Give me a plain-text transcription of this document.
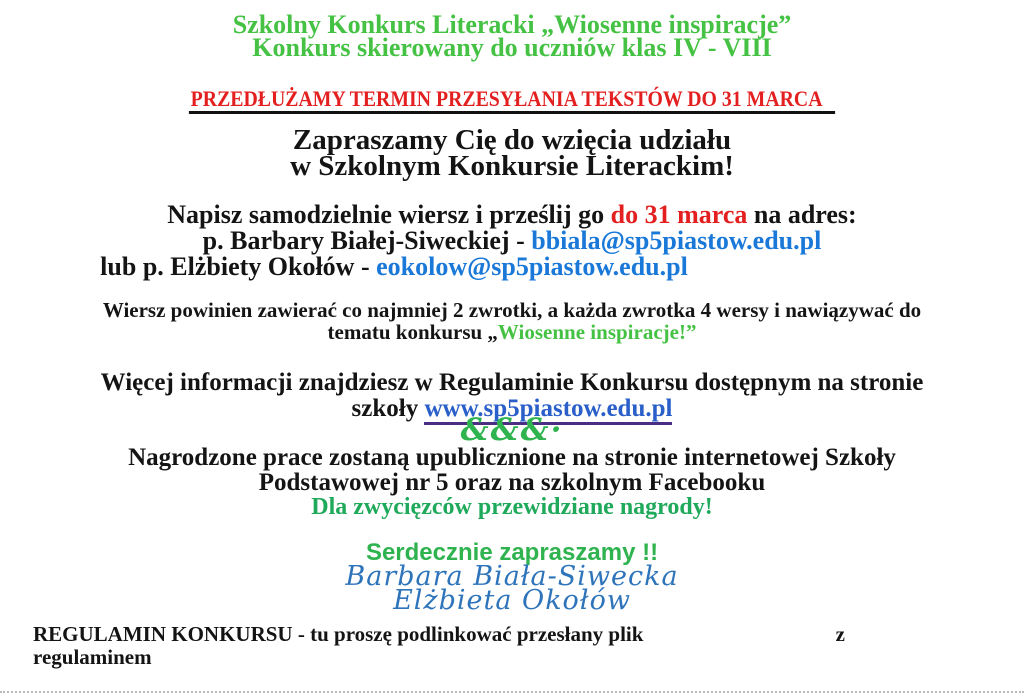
Szkolny Konkurs Literacki „Wiosenne inspiracje”
Konkurs skierowany do uczniów klas IV - VIII
PRZEDŁUŻAMY TERMIN PRZESYŁANIA TEKSTÓW DO 31 MARCA
Zapraszamy Cię do wzięcia udziału
w Szkolnym Konkursie Literackim!
Napisz samodzielnie wiersz i prześlij go do 31 marca na adres:
p. Barbary Białej-Siweckiej - bbiala@sp5piastow.edu.pl
lub p. Elżbiety Okołów - eokolow@sp5piastow.edu.pl
Wiersz powinien zawierać co najmniej 2 zwrotki, a każda zwrotka 4 wersy i nawiązywać do
tematu konkursu „Wiosenne inspiracje!”
Więcej informacji znajdziesz w Regulaminie Konkursu dostępnym na stronie
szkoły www.sp5piastow.edu.pl
&&&·
Nagrodzone prace zostaną upublicznione na stronie internetowej Szkoły
Podstawowej nr 5 oraz na szkolnym Facebooku
Dla zwycięzców przewidziane nagrody!
Serdecznie zapraszamy !!
Barbara Biała-Siwecka
Elżbieta Okołów
REGULAMIN KONKURSU - tu proszę podlinkować przesłany plik	z
regulaminem
